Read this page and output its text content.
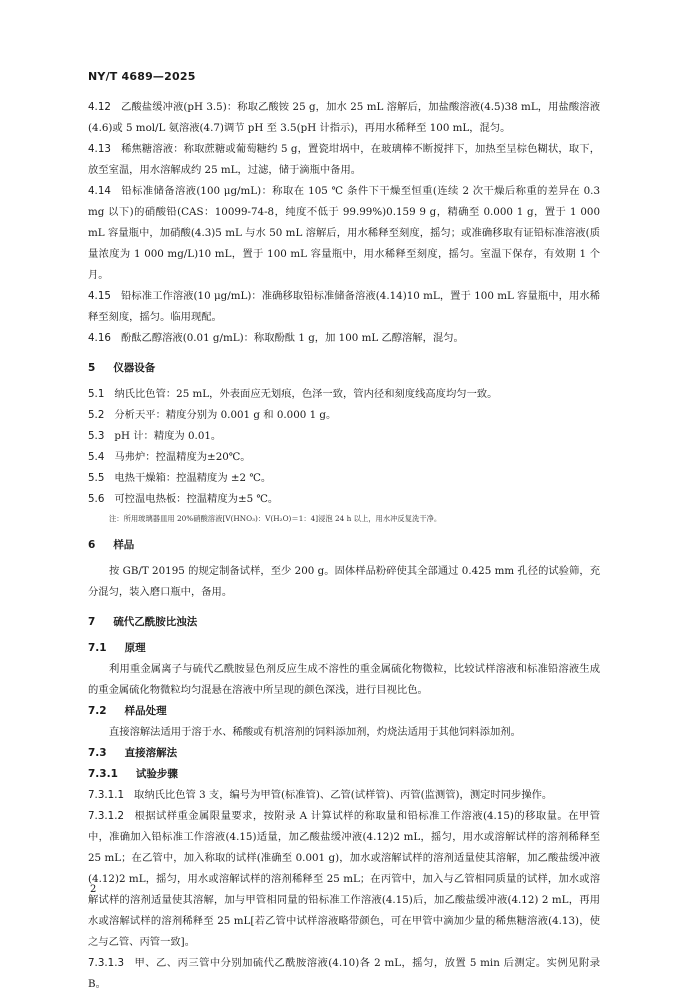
NY/T 4689—2025
4.12 乙酸盐缓冲液(pH 3.5)：称取乙酸铵 25 g，加水 25 mL 溶解后，加盐酸溶液(4.5)38 mL，用盐酸溶液(4.6)或 5 mol/L 氨溶液(4.7)调节 pH 至 3.5(pH 计指示)，再用水稀释至 100 mL，混匀。
4.13 稀焦糖溶液：称取蔗糖或葡萄糖约 5 g，置瓷坩埚中，在玻璃棒不断搅拌下，加热至呈棕色糊状，取下，放至室温，用水溶解成约 25 mL，过滤，储于滴瓶中备用。
4.14 铅标准储备溶液(100 μg/mL)：称取在 105 ℃ 条件下干燥至恒重(连续 2 次干燥后称重的差异在 0.3 mg 以下)的硝酸铅(CAS：10099-74-8，纯度不低于 99.99%)0.159 9 g，精确至 0.000 1 g，置于 1 000 mL 容量瓶中，加硝酸(4.3)5 mL 与水 50 mL 溶解后，用水稀释至刻度，摇匀；或准确移取有证铅标准溶液(质量浓度为 1 000 mg/L)10 mL，置于 100 mL 容量瓶中，用水稀释至刻度，摇匀。室温下保存，有效期 1 个月。
4.15 铅标准工作溶液(10 μg/mL)：准确移取铅标准储备溶液(4.14)10 mL，置于 100 mL 容量瓶中，用水稀释至刻度，摇匀。临用现配。
4.16 酚酞乙醇溶液(0.01 g/mL)：称取酚酞 1 g，加 100 mL 乙醇溶解，混匀。
5 仪器设备
5.1 纳氏比色管：25 mL，外表面应无划痕，色泽一致，管内径和刻度线高度均匀一致。
5.2 分析天平：精度分别为 0.001 g 和 0.000 1 g。
5.3 pH 计：精度为 0.01。
5.4 马弗炉：控温精度为±20℃。
5.5 电热干燥箱：控温精度为 ±2 ℃。
5.6 可控温电热板：控温精度为±5 ℃。
注：所用玻璃器皿用 20%硝酸溶液[V(HNO₃)：V(H₂O)＝1：4]浸泡 24 h 以上，用水冲反复洗干净。
6 样品
按 GB/T 20195 的规定制备试样，至少 200 g。固体样品粉碎使其全部通过 0.425 mm 孔径的试验筛，充分混匀，装入磨口瓶中，备用。
7 硫代乙酰胺比浊法
7.1 原理
利用重金属离子与硫代乙酰胺显色剂反应生成不溶性的重金属硫化物微粒，比较试样溶液和标准铅溶液生成的重金属硫化物微粒均匀混悬在溶液中所呈现的颜色深浅，进行目视比色。
7.2 样品处理
直接溶解法适用于溶于水、稀酸或有机溶剂的饲料添加剂，灼烧法适用于其他饲料添加剂。
7.3 直接溶解法
7.3.1 试验步骤
7.3.1.1 取纳氏比色管 3 支，编号为甲管(标准管)、乙管(试样管)、丙管(监测管)，测定时同步操作。
7.3.1.2 根据试样重金属限量要求，按附录 A 计算试样的称取量和铅标准工作溶液(4.15)的移取量。在甲管中，准确加入铅标准工作溶液(4.15)适量，加乙酸盐缓冲液(4.12)2 mL，摇匀，用水或溶解试样的溶剂稀释至 25 mL；在乙管中，加入称取的试样(准确至 0.001 g)，加水或溶解试样的溶剂适量使其溶解，加乙酸盐缓冲液(4.12)2 mL，摇匀，用水或溶解试样的溶剂稀释至 25 mL；在丙管中，加入与乙管相同质量的试样，加水或溶解试样的溶剂适量使其溶解，加与甲管相同量的铅标准工作溶液(4.15)后，加乙酸盐缓冲液(4.12) 2 mL，再用水或溶解试样的溶剂稀释至 25 mL[若乙管中试样溶液略带颜色，可在甲管中滴加少量的稀焦糖溶液(4.13)，使之与乙管、丙管一致]。
7.3.1.3 甲、乙、丙三管中分别加硫代乙酰胺溶液(4.10)各 2 mL，摇匀，放置 5 min 后测定。实例见附录 B。
2
